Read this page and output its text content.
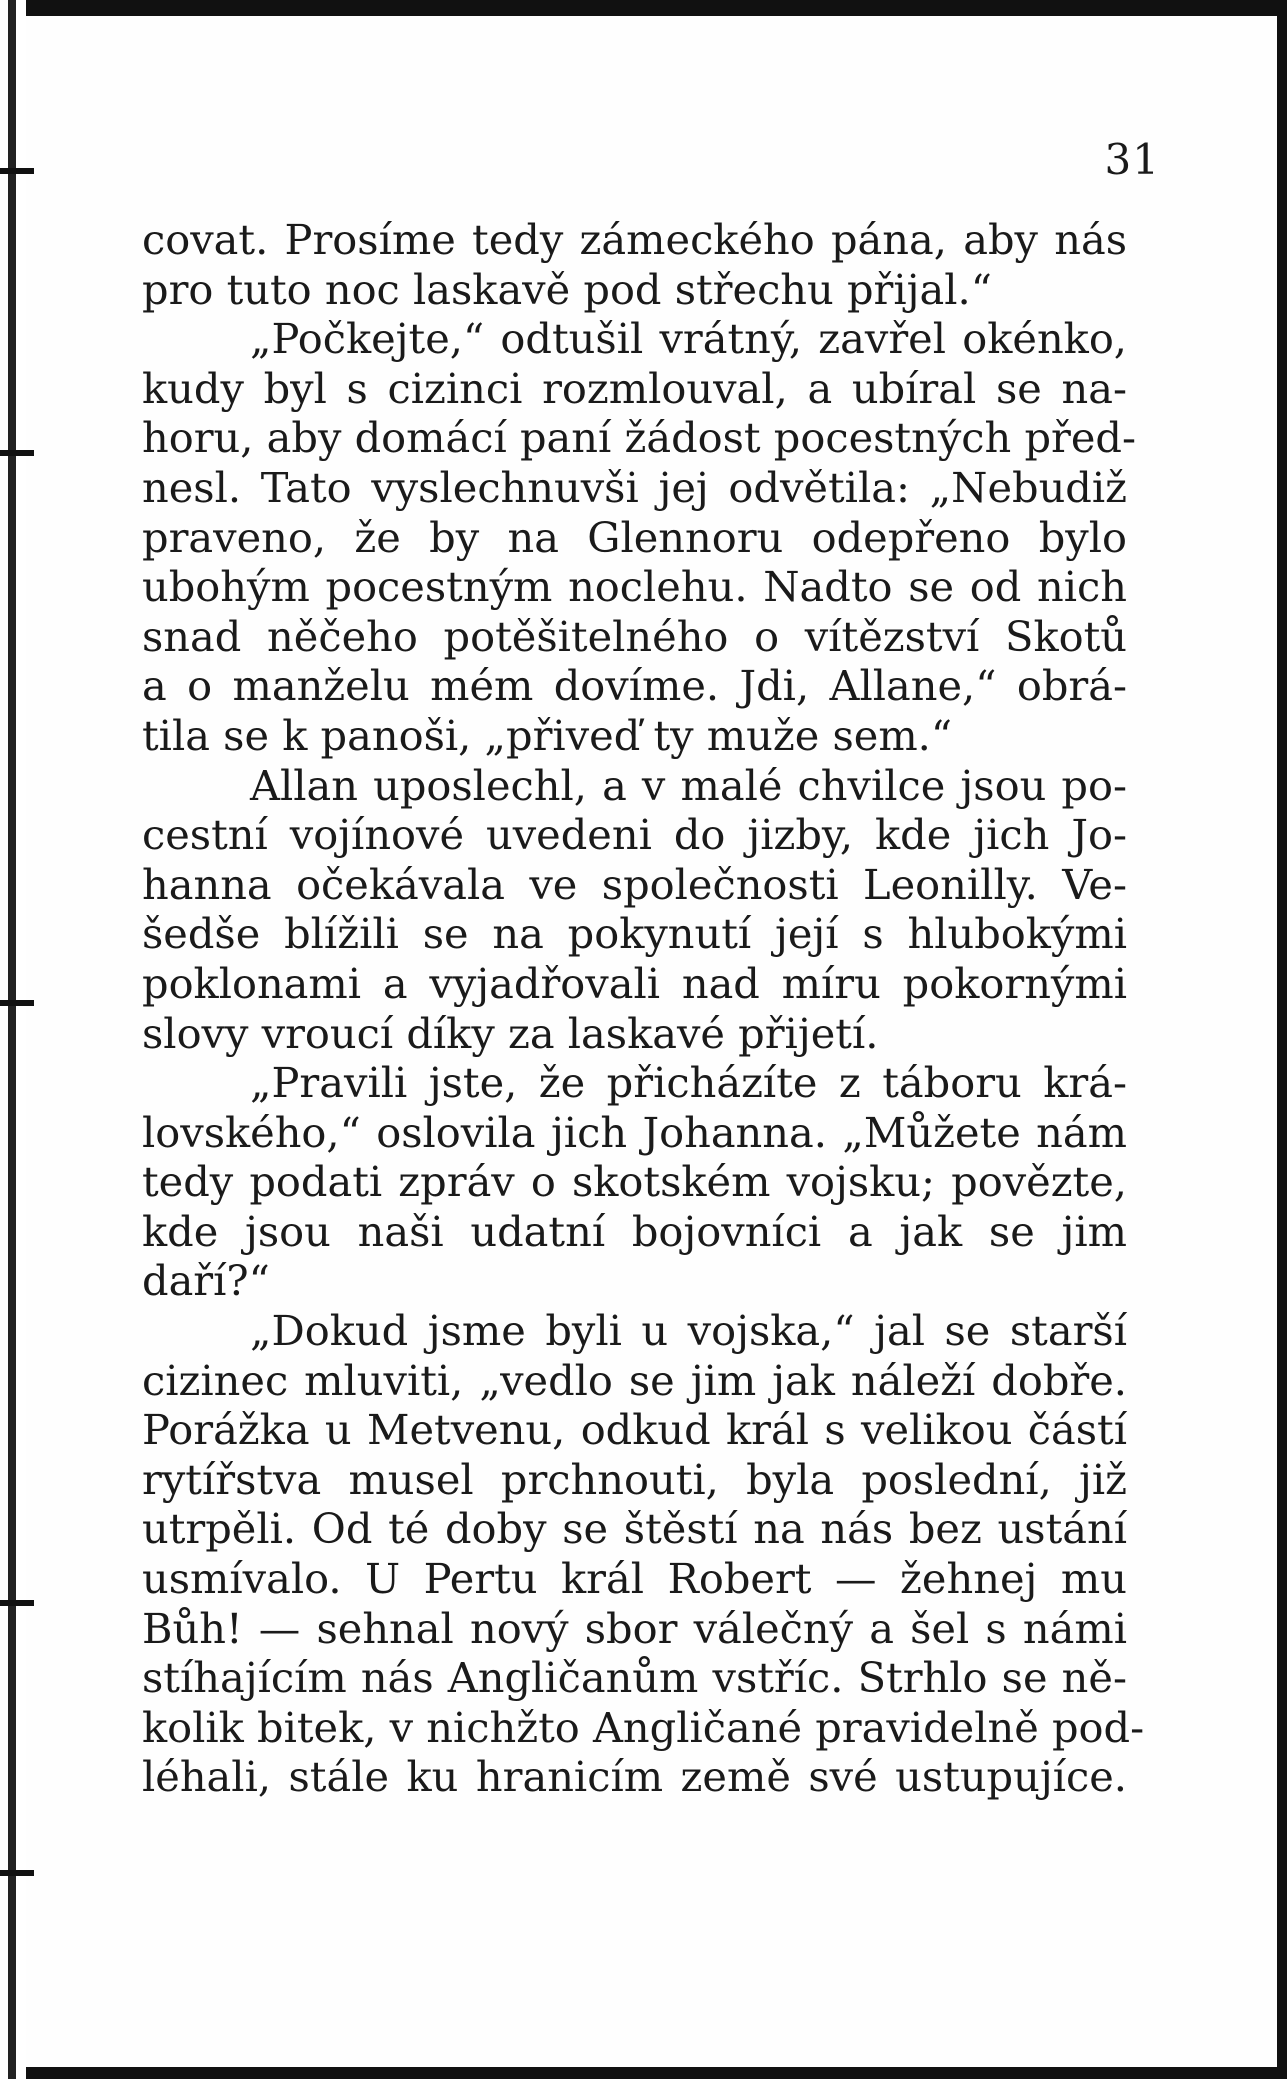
31
covat. Prosíme tedy zámeckého pána, aby nás
pro tuto noc laskavě pod střechu přijal.“
„Počkejte,“ odtušil vrátný, zavřel okénko,
kudy byl s cizinci rozmlouval, a ubíral se na-
horu, aby domácí paní žádost pocestných před-
nesl. Tato vyslechnuvši jej odvětila: „Nebudiž
praveno, že by na Glennoru odepřeno bylo
ubohým pocestným noclehu. Nadto se od nich
snad něčeho potěšitelného o vítězství Skotů
a o manželu mém dovíme. Jdi, Allane,“ obrá-
tila se k panoši, „přiveď ty muže sem.“
Allan uposlechl, a v malé chvilce jsou po-
cestní vojínové uvedeni do jizby, kde jich Jo-
hanna očekávala ve společnosti Leonilly. Ve-
šedše blížili se na pokynutí její s hlubokými
poklonami a vyjadřovali nad míru pokornými
slovy vroucí díky za laskavé přijetí.
„Pravili jste, že přicházíte z táboru krá-
lovského,“ oslovila jich Johanna. „Můžete nám
tedy podati zpráv o skotském vojsku; povězte,
kde jsou naši udatní bojovníci a jak se jim
daří?“
„Dokud jsme byli u vojska,“ jal se starší
cizinec mluviti, „vedlo se jim jak náleží dobře.
Porážka u Metvenu, odkud král s velikou částí
rytířstva musel prchnouti, byla poslední, již
utrpěli. Od té doby se štěstí na nás bez ustání
usmívalo. U Pertu král Robert — žehnej mu
Bůh! — sehnal nový sbor válečný a šel s námi
stíhajícím nás Angličanům vstříc. Strhlo se ně-
kolik bitek, v nichžto Angličané pravidelně pod-
léhali, stále ku hranicím země své ustupujíce.
